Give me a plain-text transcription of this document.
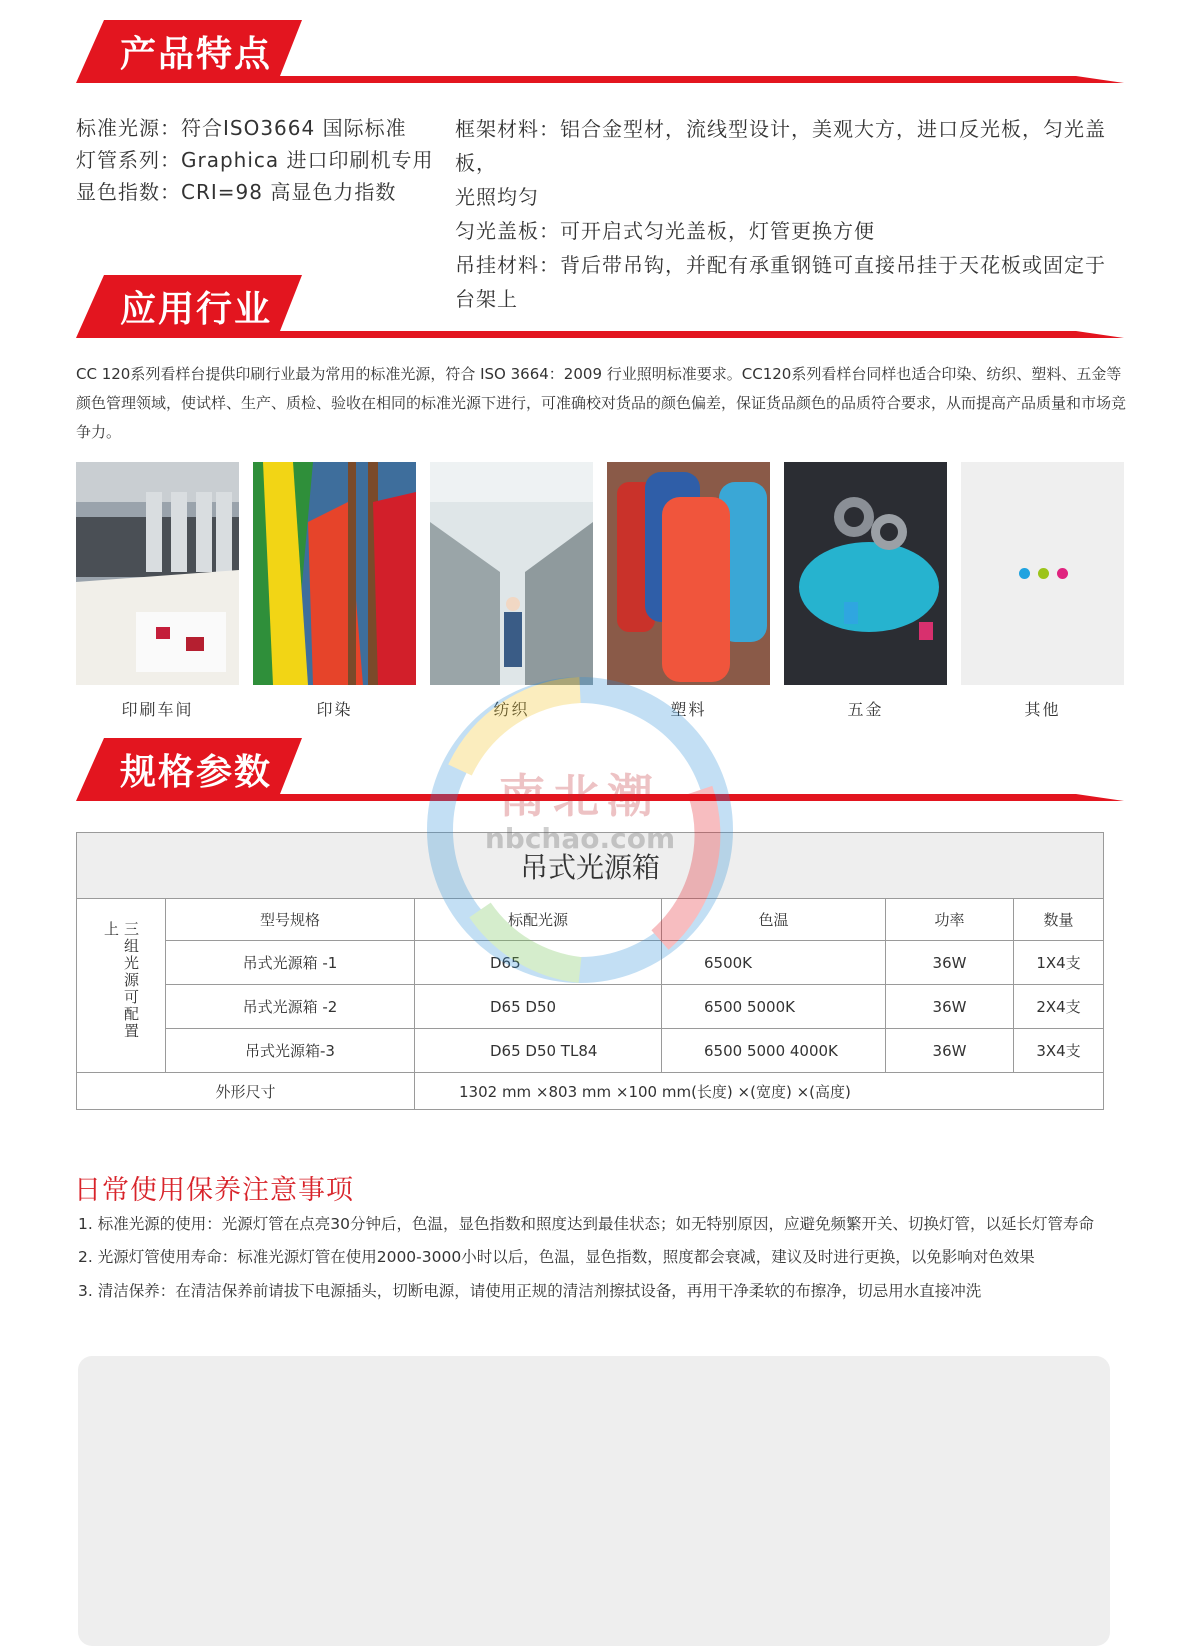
产品特点
标准光源：符合ISO3664 国际标准
灯管系列：Graphica 进口印刷机专用
显色指数：CRI=98 高显色力指数
框架材料：铝合金型材，流线型设计，美观大方，进口反光板，匀光盖板，
光照均匀
匀光盖板：可开启式匀光盖板，灯管更换方便
吊挂材料：背后带吊钩，并配有承重钢链可直接吊挂于天花板或固定于
台架上
应用行业
CC 120系列看样台提供印刷行业最为常用的标准光源，符合 ISO 3664：2009 行业照明标准要求。CC120系列看样台同样也适合印染、纺织、塑料、五金等颜色管理领域，使试样、生产、质检、验收在相同的标准光源下进行，可准确校对货品的颜色偏差，保证货品颜色的品质符合要求，从而提高产品质量和市场竞争力。
印刷车间	印染	纺织	塑料	五金	其他
规格参数
吊式光源箱					
三组光源可配置上	型号规格	标配光源	色温	功率	数量
	吊式光源箱 -1	D65	6500K	36W	1X4支
	吊式光源箱 -2	D65 D50	6500 5000K	36W	2X4支
	吊式光源箱-3	D65 D50 TL84	6500 5000 4000K	36W	3X4支
外形尺寸		1302 mm ×803 mm ×100 mm(长度) ×(宽度) ×(高度)			
南北潮
nbchao.com
日常使用保养注意事项
1. 标准光源的使用：光源灯管在点亮30分钟后，色温，显色指数和照度达到最佳状态；如无特别原因，应避免频繁开关、切换灯管，以延长灯管寿命
2. 光源灯管使用寿命：标准光源灯管在使用2000-3000小时以后，色温，显色指数，照度都会衰减，建议及时进行更换，以免影响对色效果
3. 清洁保养：在清洁保养前请拔下电源插头，切断电源，请使用正规的清洁剂擦拭设备，再用干净柔软的布擦净，切忌用水直接冲洗
